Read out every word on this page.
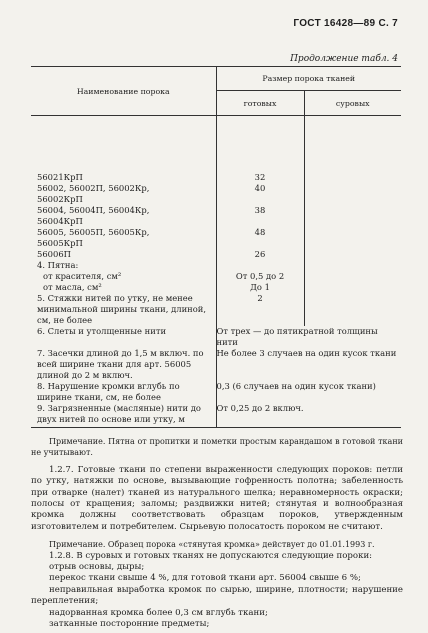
ГОСТ 16428—89 С. 7
Продолжение табл. 4
Наименование порока	Размер порока тканей	
	готовых	суровых

56021КрП	32	
56002, 56002П, 56002Кр,	40	
56002КрП		
56004, 56004П, 56004Кр,	38	
56004КрП		
56005, 56005П, 56005Кр,	48	
56005КрП		
56006П	26	
4. Пятна:		
от красителя, см²	От 0,5 до 2	
от масла, см²	До 1	
5. Стяжки нитей по утку, не менее минимальной ширины ткани, длиной, см, не более	2	
6. Слеты и утолщенные нити	От трех — до пятикратной толщины нити	
7. Засечки длиной до 1,5 м включ. по всей ширине ткани для арт. 56005 длиной до 2 м включ.	Не более 3 случаев на один кусок ткани	
8. Нарушение кромки вглубь по ширине ткани, см, не более	0,3 (6 случаев на один кусок ткани)	
9. Загрязненные (масляные) нити до двух нитей по основе или утку, м	От 0,25 до 2 включ.	

Примечание. Пятна от пропитки и пометки простым карандашом в готовой ткани не учитывают.

1.2.7. Готовые ткани по степени выраженности следующих пороков: петли по утку, натяжки по основе, вызывающие гофренность полотна; забеленность при отварке (налет) тканей из натурального шелка; неравномерность окраски; полосы от кращения; заломы; раздвижки нитей; стянутая и волнообразная кромка должны соответствовать образцам пороков, утвержденным изготовителем и потребителем. Сырьевую полосатость пороком не считают.

Примечание. Образец порока «стянутая кромка» действует до 01.01.1993 г.

1.2.8. В суровых и готовых тканях не допускаются следующие пороки:

отрыв основы, дыры;

перекос ткани свыше 4 %, для готовой ткани арт. 56004 свыше 6 %;

неправильная выработка кромок по сырью, ширине, плотности; нарушение переплетения;

надорванная кромка более 0,3 см вглубь ткани;

затканные посторонние предметы;
